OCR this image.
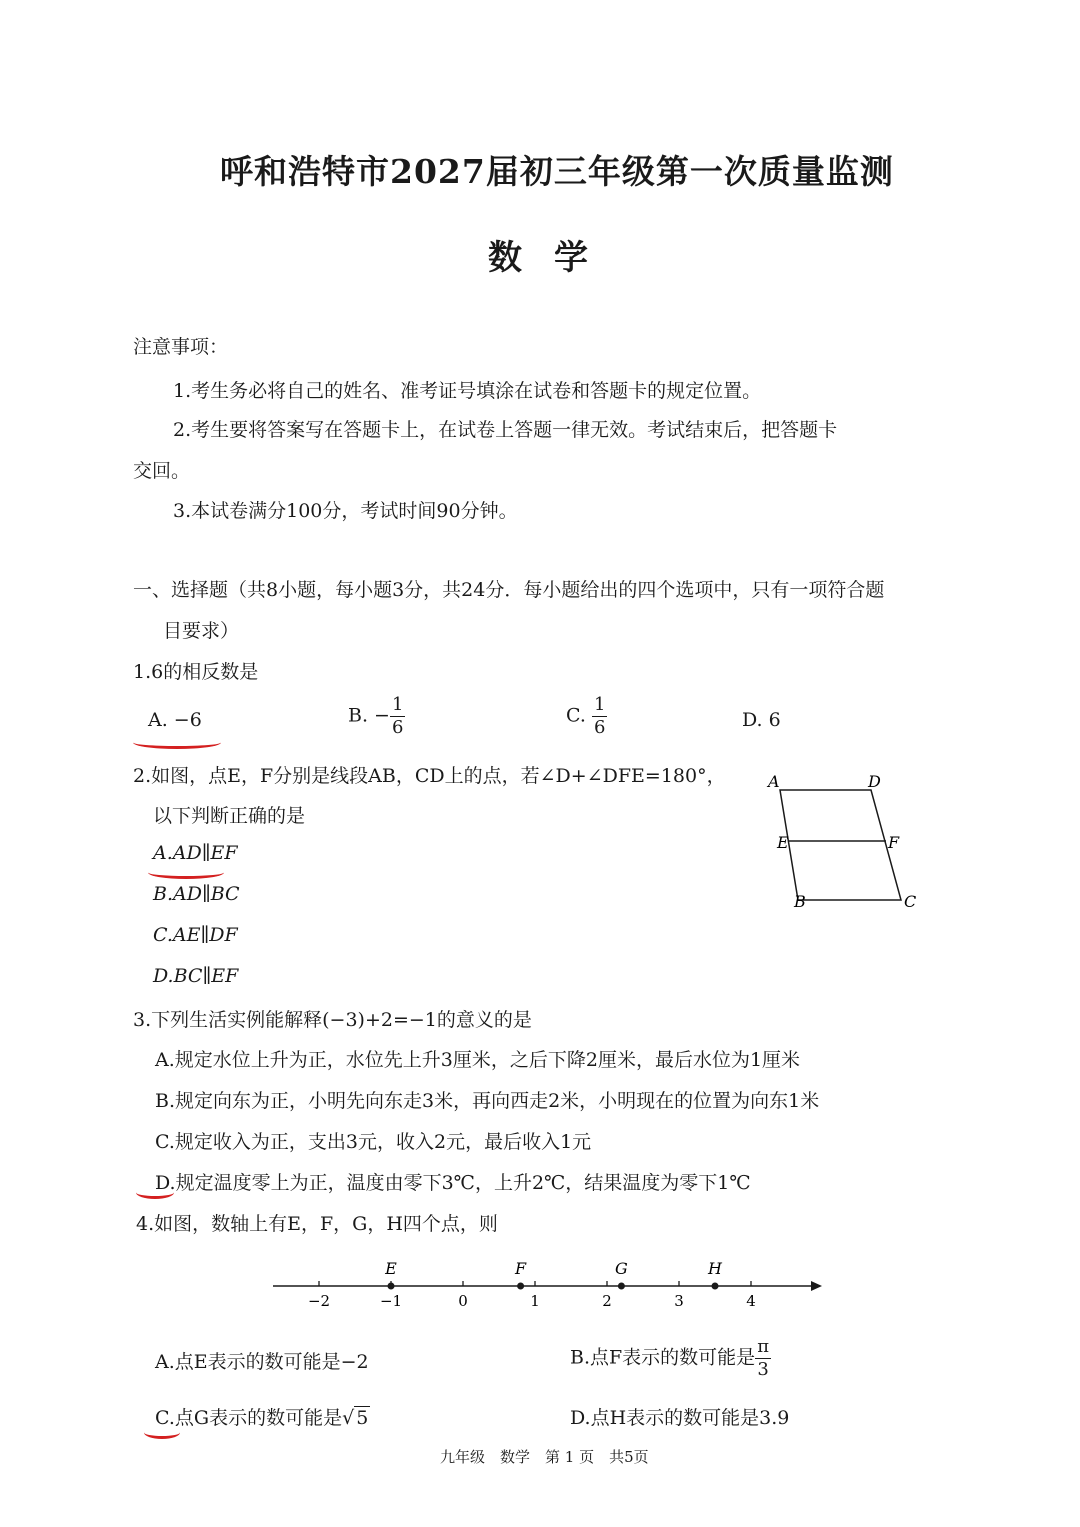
呼和浩特市2027届初三年级第一次质量监测
数学
注意事项：
1.考生务必将自己的姓名、准考证号填涂在试卷和答题卡的规定位置。
2.考生要将答案写在答题卡上，在试卷上答题一律无效。考试结束后，把答题卡
交回。
3.本试卷满分100分，考试时间90分钟。
一、选择题（共8小题，每小题3分，共24分．每小题给出的四个选项中，只有一项符合题
目要求）
1.6的相反数是
A. −6	B. − $\frac{1}{6}$	C. $\frac{1}{6}$	D. 6
2.如图，点E，F分别是线段AB，CD上的点，若∠D+∠DFE=180°，
以下判断正确的是
A.AD∥EF
B.AD∥BC
C.AE∥DF
D.BC∥EF
A	D
E	F
B	C
3.下列生活实例能解释(−3)+2=−1的意义的是
A.规定水位上升为正，水位先上升3厘米，之后下降2厘米，最后水位为1厘米
B.规定向东为正，小明先向东走3米，再向西走2米，小明现在的位置为向东1米
C.规定收入为正，支出3元，收入2元，最后收入1元
D.规定温度零上为正，温度由零下3℃，上升2℃，结果温度为零下1℃
4.如图，数轴上有E，F，G，H四个点，则
−2	−1	0	1	2	3	4
E	F	G	H
A.点E表示的数可能是−2	B.点F表示的数可能是 $\frac{\pi}{3}$
C.点G表示的数可能是√ 5	D.点H表示的数可能是3.9
九年级　数学　第 1 页　共5页
